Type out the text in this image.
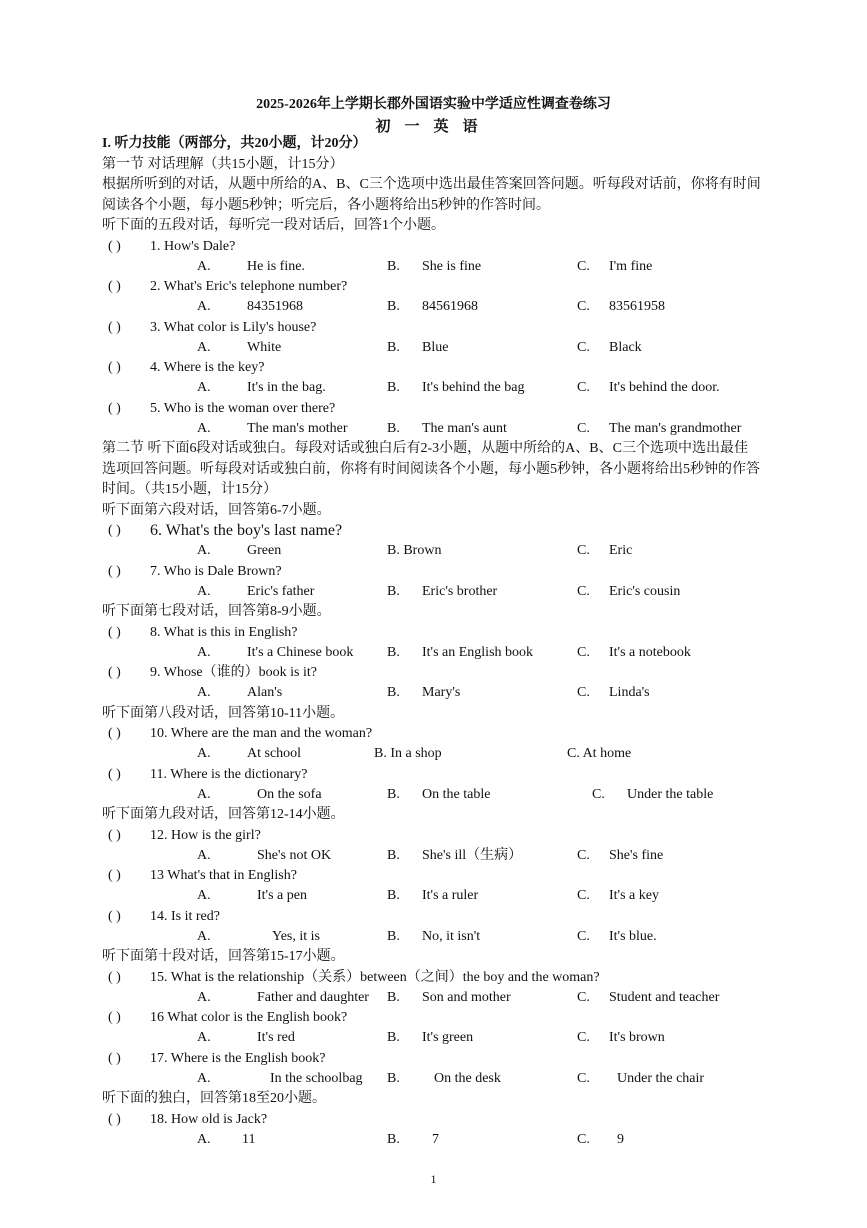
2025-2026年上学期长郡外国语实验中学适应性调查卷练习
初一英语
I. 听力技能（两部分，共20小题，计20分）
第一节 对话理解（共15小题，计15分）
根据所听到的对话，从题中所给的A、B、C三个选项中选出最佳答案回答问题。听每段对话前，你将有时间
阅读各个小题，每小题5秒钟；听完后，各小题将给出5秒钟的作答时间。
听下面的五段对话，每听完一段对话后，回答1个小题。
( ) 1. How's Dale?
A.	He is fine.	B. She is fine	C. I'm fine
( ) 2. What's Eric's telephone number?
A.	84351968	B. 84561968	C. 83561958
( ) 3. What color is Lily's house?
A.	White	B. Blue	C. Black
( ) 4. Where is the key?
A.	It's in the bag.	B. It's behind the bag	C. It's behind the door.
( ) 5. Who is the woman over there?
A.	The man's mother	B. The man's aunt	C. The man's grandmother
第二节 听下面6段对话或独白。每段对话或独白后有2-3小题，从题中所给的A、B、C三个选项中选出最佳
选项回答问题。听每段对话或独白前，你将有时间阅读各个小题，每小题5秒钟，各小题将给出5秒钟的作答
时间。（共15小题，计15分）
听下面第六段对话，回答第6-7小题。
( ) 6. What's the boy's last name?
A.	Green	B. Brown	C. Eric
( ) 7. Who is Dale Brown?
A.	Eric's father	B. Eric's brother	C. Eric's cousin
听下面第七段对话，回答第8-9小题。
( ) 8. What is this in English?
A.	It's a Chinese book B. It's an English book	C. It's a notebook
( ) 9. Whose（谁的）book is it?
A.	Alan's	B. Mary's	C. Linda's
听下面第八段对话，回答第10-11小题。
( ) 10. Where are the man and the woman?
A.	At school	B. In a shop	C. At home
( ) 11. Where is the dictionary?
A.	On the sofa	B. On the table	C. Under the table
听下面第九段对话，回答第12-14小题。
( ) 12. How is the girl?
A.	She's not OK	B. She's ill（生病）	C. She's fine
( ) 13 What's that in English?
A.	It's a pen	B. It's a ruler	C. It's a key
( ) 14. Is it red?
A.	Yes, it is	B. No, it isn't	C. It's blue.
听下面第十段对话，回答第15-17小题。
( ) 15. What is the relationship（关系）between（之间）the boy and the woman?
A.	Father and daughter B. Son and mother	C. Student and teacher
( ) 16 What color is the English book?
A.	It's red	B. It's green	C. It's brown
( ) 17. Where is the English book?
A.	In the schoolbag B. On the desk	C. Under the chair
听下面的独白，回答第18至20小题。
( ) 18. How old is Jack?
A. 11	B. 7	C. 9
1
